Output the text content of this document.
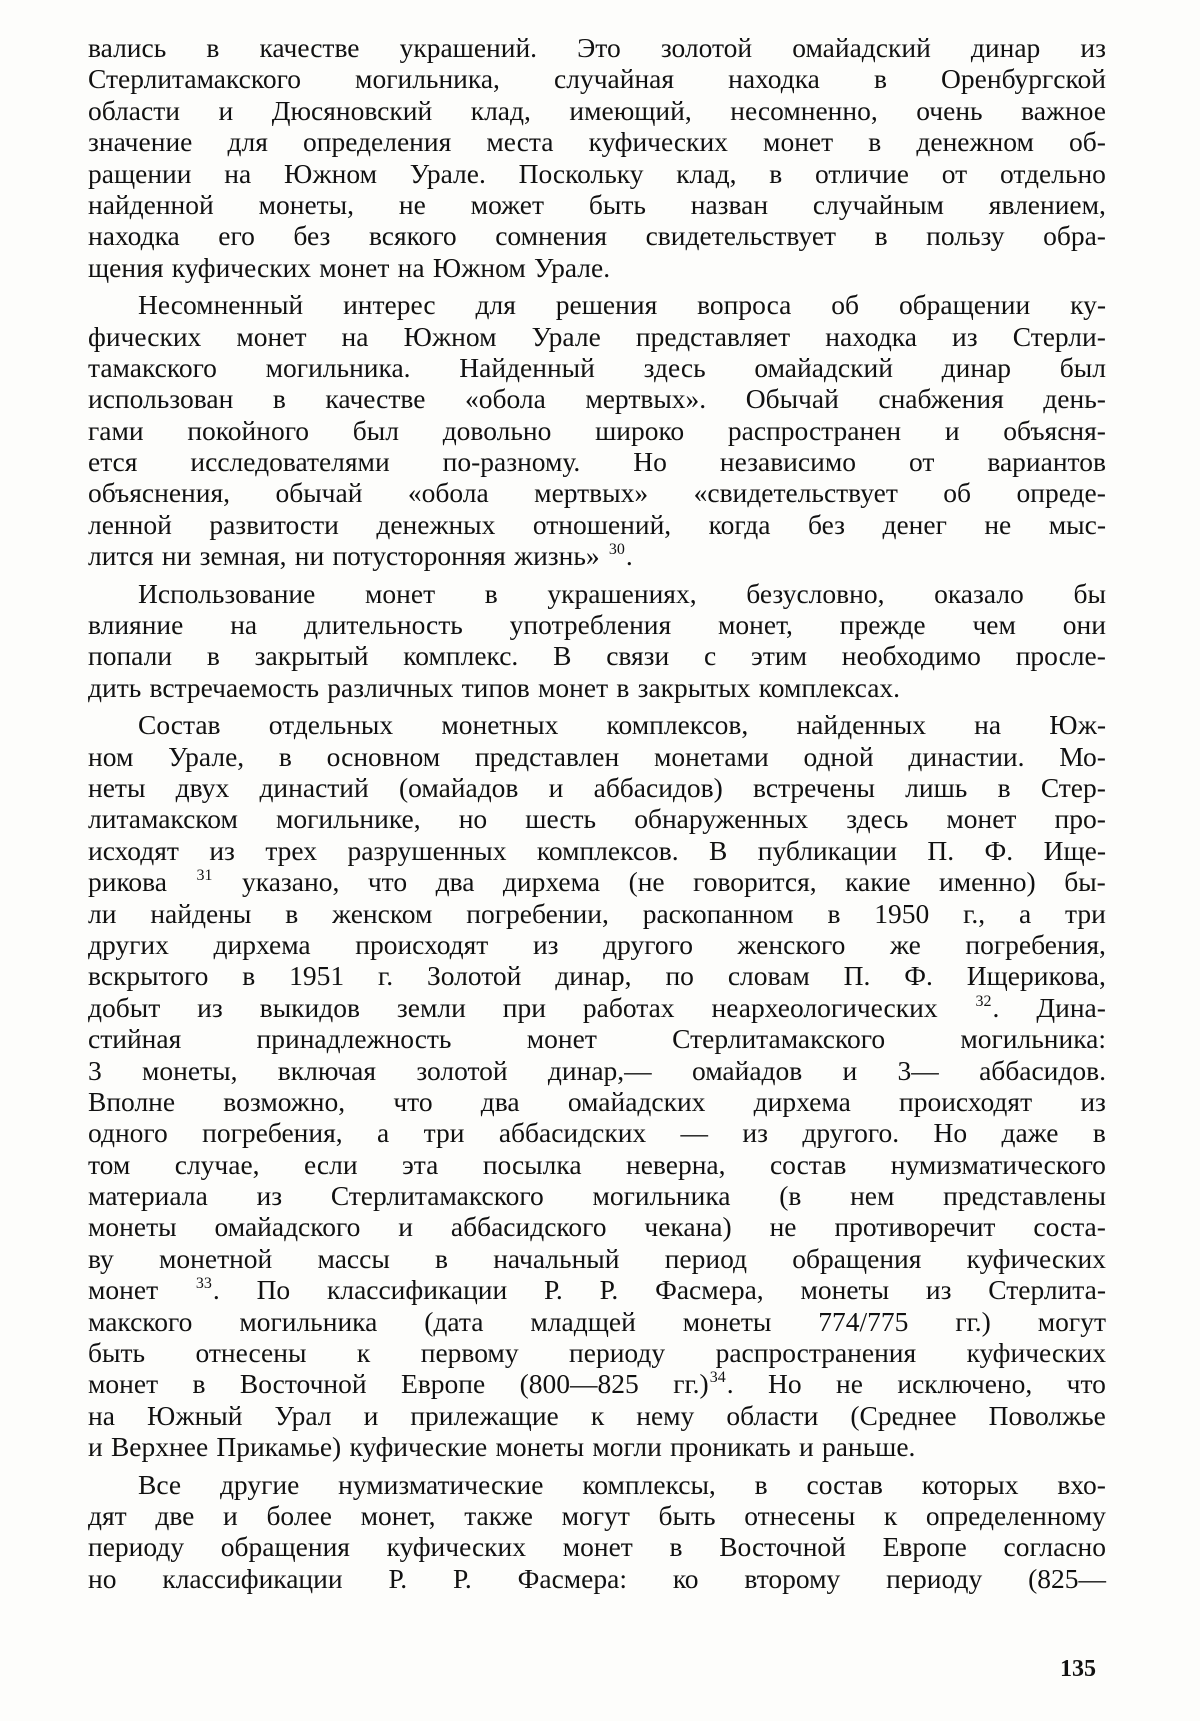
вались в качестве украшений. Это золотой омайадский динар из
Стерлитамакского могильника, случайная находка в Оренбургской
области и Дюсяновский клад, имеющий, несомненно, очень важное
значение для определения места куфических монет в денежном об-
ращении на Южном Урале. Поскольку клад, в отличие от отдельно
найденной монеты, не может быть назван случайным явлением,
находка его без всякого сомнения свидетельствует в пользу обра-
щения куфических монет на Южном Урале.
Несомненный интерес для решения вопроса об обращении ку-
фических монет на Южном Урале представляет находка из Стерли-
тамакского могильника. Найденный здесь омайадский динар был
использован в качестве «обола мертвых». Обычай снабжения день-
гами покойного был довольно широко распространен и объясня-
ется исследователями по-разному. Но независимо от вариантов
объяснения, обычай «обола мертвых» «свидетельствует об опреде-
ленной развитости денежных отношений, когда без денег не мыс-
лится ни земная, ни потусторонняя жизнь» $^{30}$.
Использование монет в украшениях, безусловно, оказало бы
влияние на длительность употребления монет, прежде чем они
попали в закрытый комплекс. В связи с этим необходимо просле-
дить встречаемость различных типов монет в закрытых комплексах.
Состав отдельных монетных комплексов, найденных на Юж-
ном Урале, в основном представлен монетами одной династии. Мо-
неты двух династий (омайадов и аббасидов) встречены лишь в Стер-
литамакском могильнике, но шесть обнаруженных здесь монет про-
исходят из трех разрушенных комплексов. В публикации П. Ф. Ище-
рикова $^{31}$ указано, что два дирхема (не говорится, какие именно) бы-
ли найдены в женском погребении, раскопанном в 1950 г., а три
других дирхема происходят из другого женского же погребения,
вскрытого в 1951 г. Золотой динар, по словам П. Ф. Ищерикова,
добыт из выкидов земли при работах неархеологических $^{32}$. Дина-
стийная	принадлежность	монет	Стерлитамакского	могильника:
3 монеты, включая золотой динар,— омайадов и 3— аббасидов.
Вполне возможно, что два омайадских дирхема происходят из
одного погребения, а три аббасидских — из другого. Но даже в
том случае, если эта посылка неверна, состав нумизматического
материала из Стерлитамакского могильника (в нем представлены
монеты омайадского и аббасидского чекана) не противоречит соста-
ву монетной массы в начальный период обращения куфических
монет $^{33}$. По классификации Р. Р. Фасмера, монеты из Стерлита-
макского могильника (дата младщей монеты 774/775 гг.) могут
быть отнесены к первому периоду распространения куфических
монет в Восточной Европе (800—825 гг.)$^{34}$. Но не исключено, что
на Южный Урал и прилежащие к нему области (Среднее Поволжье
и Верхнее Прикамье) куфические монеты могли проникать и раньше.
Все другие нумизматические комплексы, в состав которых вхо-
дят две и более монет, также могут быть отнесены к определенному
периоду обращения куфических монет в Восточной Европе согласно
но классификации Р. Р. Фасмера: ко второму периоду (825—
135
